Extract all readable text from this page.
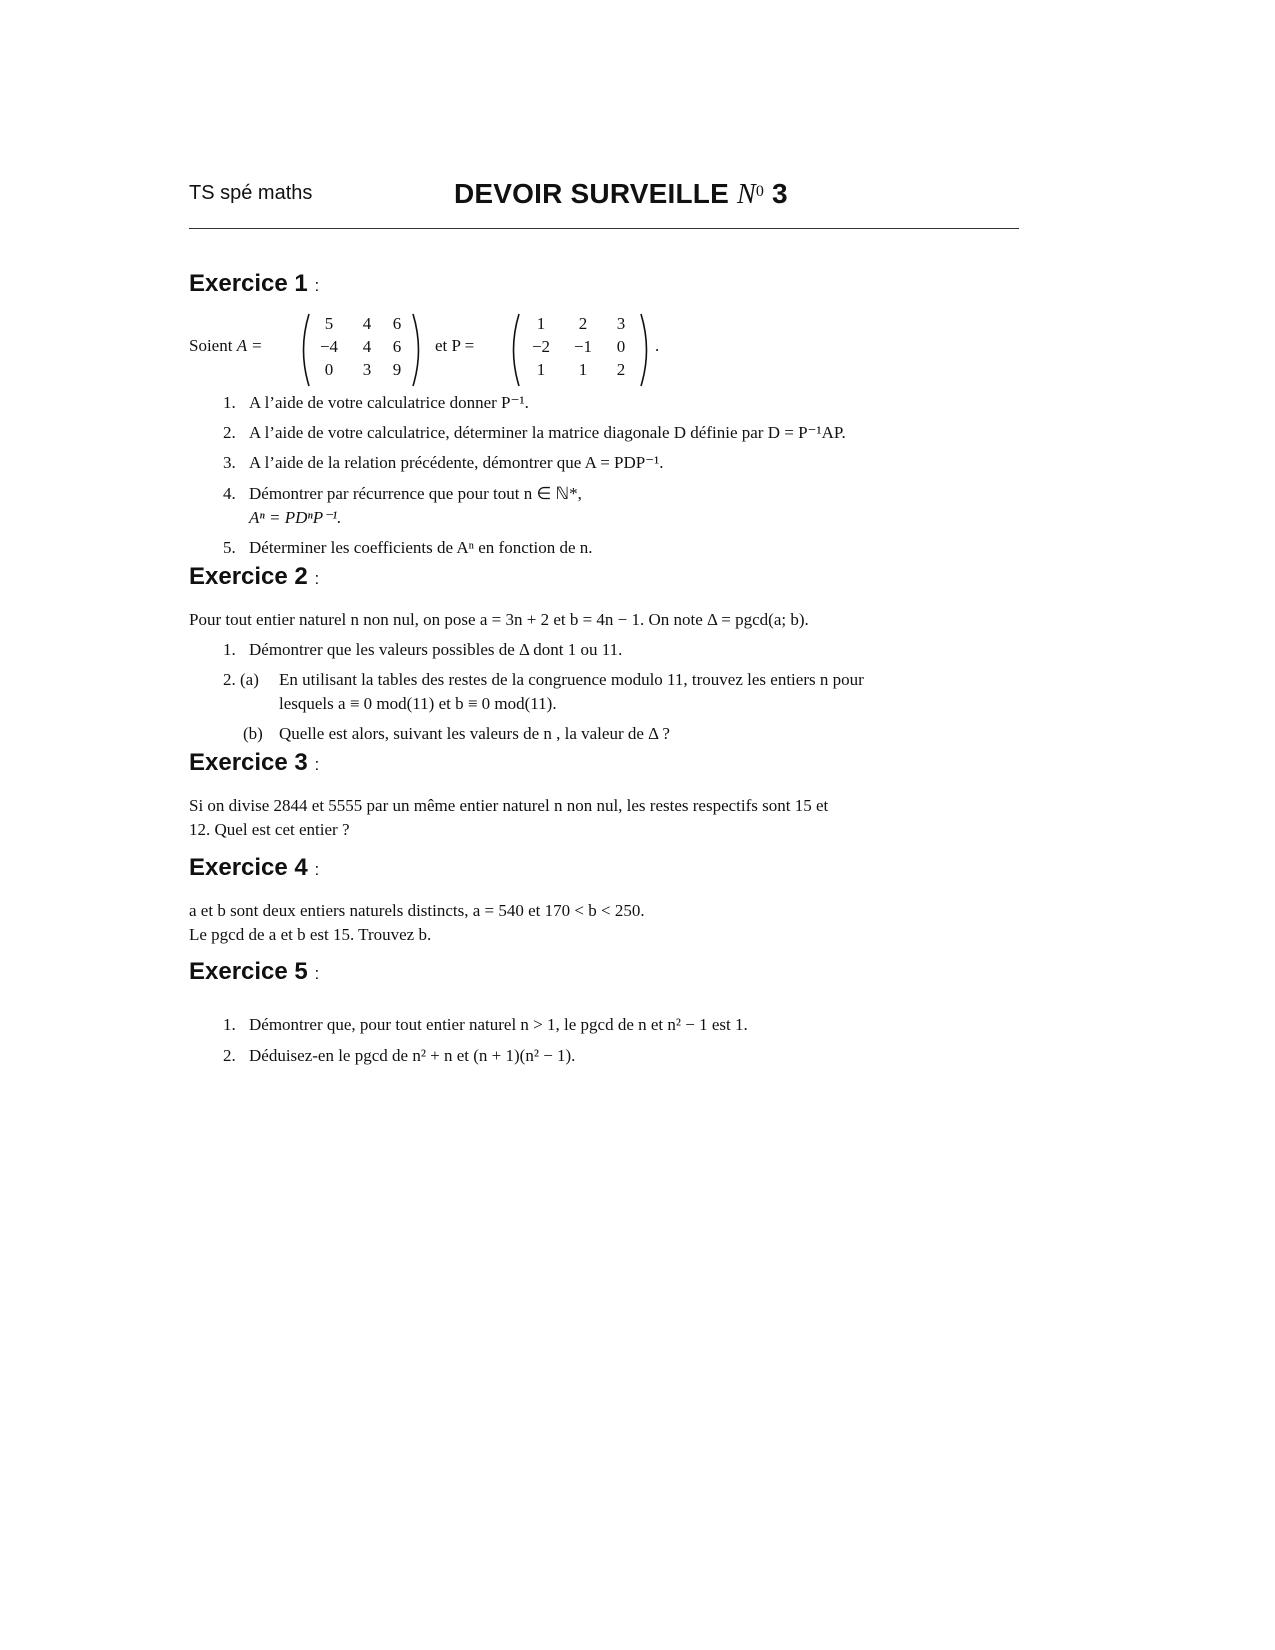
TS spé maths	DEVOIR SURVEILLE $N^0$ 3
Exercice 1 :
Soient A =
5	4	6
−4	4	6
0	3	9
et P =
1	2	3
−2	−1	0
1	1	2
.
1. A l’aide de votre calculatrice donner P⁻¹.
2. A l’aide de votre calculatrice, déterminer la matrice diagonale D définie par D = P⁻¹AP.
3. A l’aide de la relation précédente, démontrer que A = PDP⁻¹.
4. Démontrer par récurrence que pour tout n ∈ ℕ*,
Aⁿ = PDⁿP⁻¹.
5. Déterminer les coefficients de Aⁿ en fonction de n.
Exercice 2 :
Pour tout entier naturel n non nul, on pose a = 3n + 2 et b = 4n − 1. On note Δ = pgcd(a; b).
1. Démontrer que les valeurs possibles de Δ dont 1 ou 11.
2. (a) En utilisant la tables des restes de la congruence modulo 11, trouvez les entiers n pour
lesquels a ≡ 0 mod(11) et b ≡ 0 mod(11).
(b) Quelle est alors, suivant les valeurs de n , la valeur de Δ ?
Exercice 3 :
Si on divise 2844 et 5555 par un même entier naturel n non nul, les restes respectifs sont 15 et
12. Quel est cet entier ?
Exercice 4 :
a et b sont deux entiers naturels distincts, a = 540 et 170 < b < 250.
Le pgcd de a et b est 15. Trouvez b.
Exercice 5 :
1. Démontrer que, pour tout entier naturel n > 1, le pgcd de n et n² − 1 est 1.
2. Déduisez-en le pgcd de n² + n et (n + 1)(n² − 1).
